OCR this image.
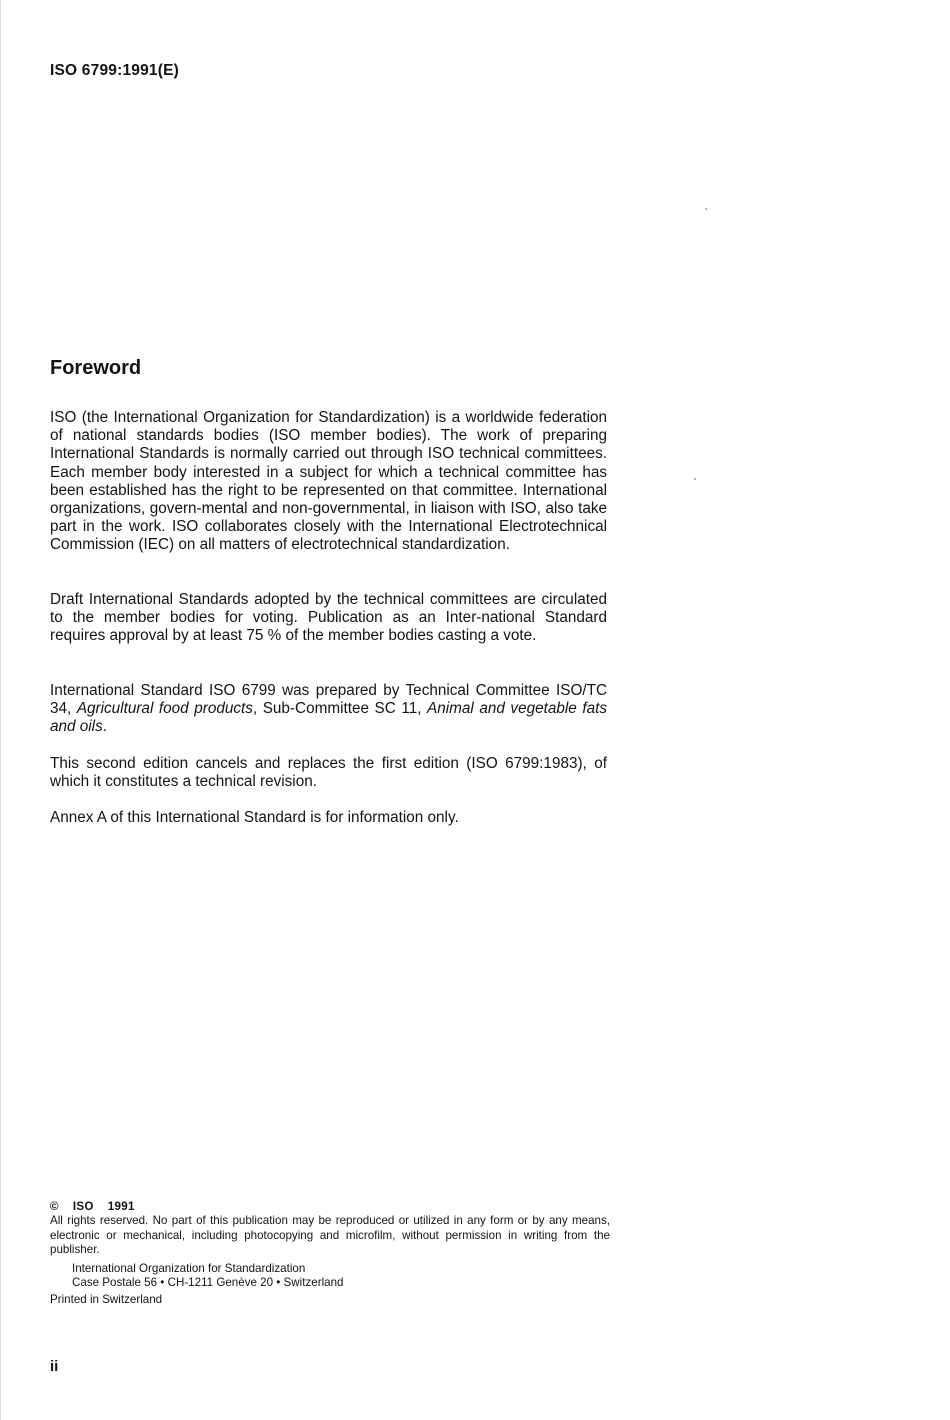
ISO 6799:1991(E)
Foreword

ISO (the International Organization for Standardization) is a worldwide federation of national standards bodies (ISO member bodies). The work of preparing International Standards is normally carried out through ISO technical committees. Each member body interested in a subject for which a technical committee has been established has the right to be represented on that committee. International organizations, govern-mental and non-governmental, in liaison with ISO, also take part in the work. ISO collaborates closely with the International Electrotechnical Commission (IEC) on all matters of electrotechnical standardization.

Draft International Standards adopted by the technical committees are circulated to the member bodies for voting. Publication as an Inter-national Standard requires approval by at least 75 % of the member bodies casting a vote.

International Standard ISO 6799 was prepared by Technical Committee ISO/TC 34, Agricultural food products, Sub-Committee SC 11, Animal and vegetable fats and oils.

This second edition cancels and replaces the first edition (ISO 6799:1983), of which it constitutes a technical revision.

Annex A of this International Standard is for information only.

© ISO 1991

All rights reserved. No part of this publication may be reproduced or utilized in any form or by any means, electronic or mechanical, including photocopying and microfilm, without permission in writing from the publisher.

International Organization for Standardization
Case Postale 56 • CH-1211 Genève 20 • Switzerland
Printed in Switzerland
ii
